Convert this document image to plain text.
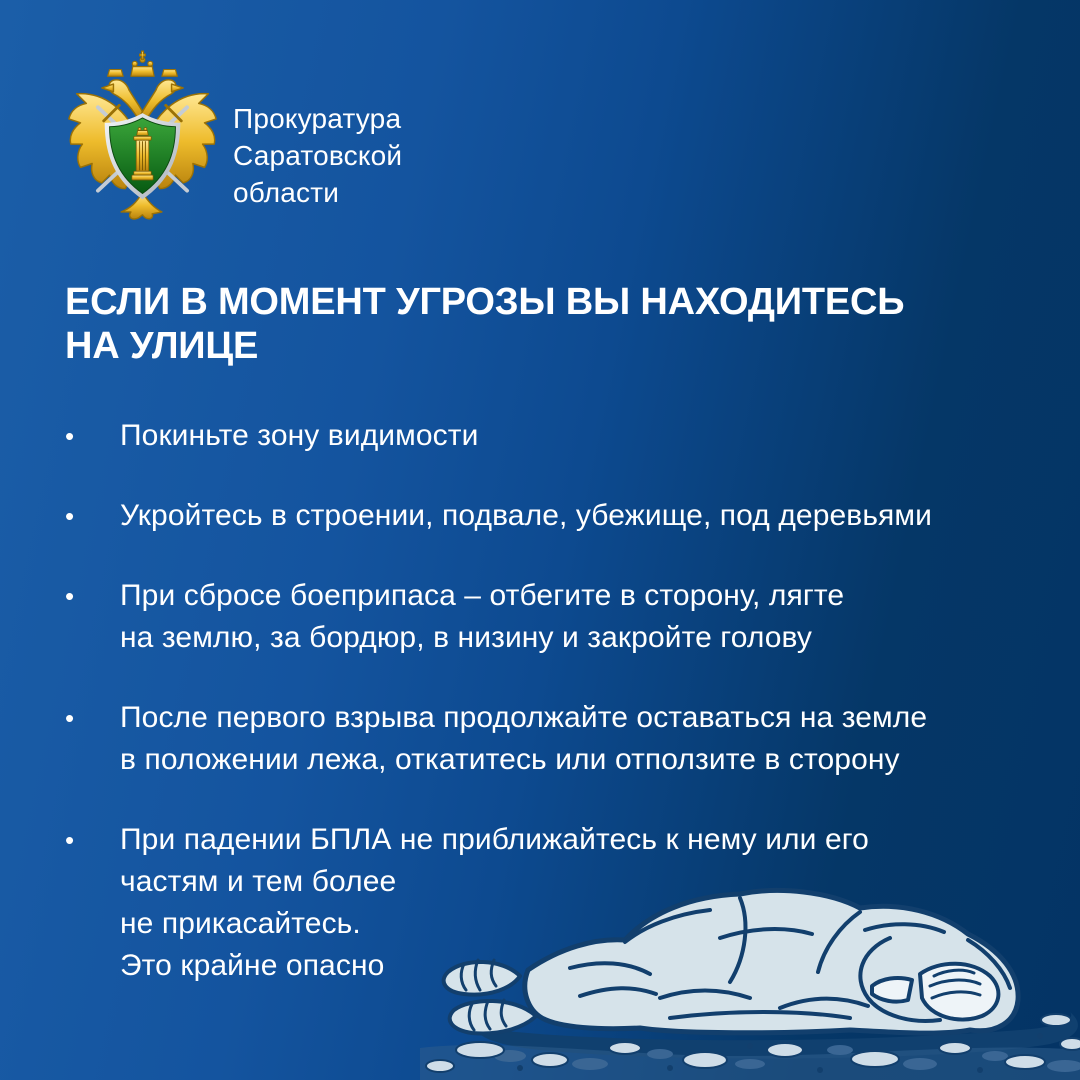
Прокуратура
Саратовской
области
ЕСЛИ В МОМЕНТ УГРОЗЫ ВЫ НАХОДИТЕСЬ
НА УЛИЦЕ
•	Покиньте зону видимости
•	Укройтесь в строении, подвале, убежище, под деревьями
•	При сбросе боеприпаса – отбегите в сторону, лягте
на землю, за бордюр, в низину и закройте голову
•	После первого взрыва продолжайте оставаться на земле
в положении лежа, откатитесь или отползите в сторону
•	При падении БПЛА не приближайтесь к нему или его
частям и тем более
не прикасайтесь.
Это крайне опасно
